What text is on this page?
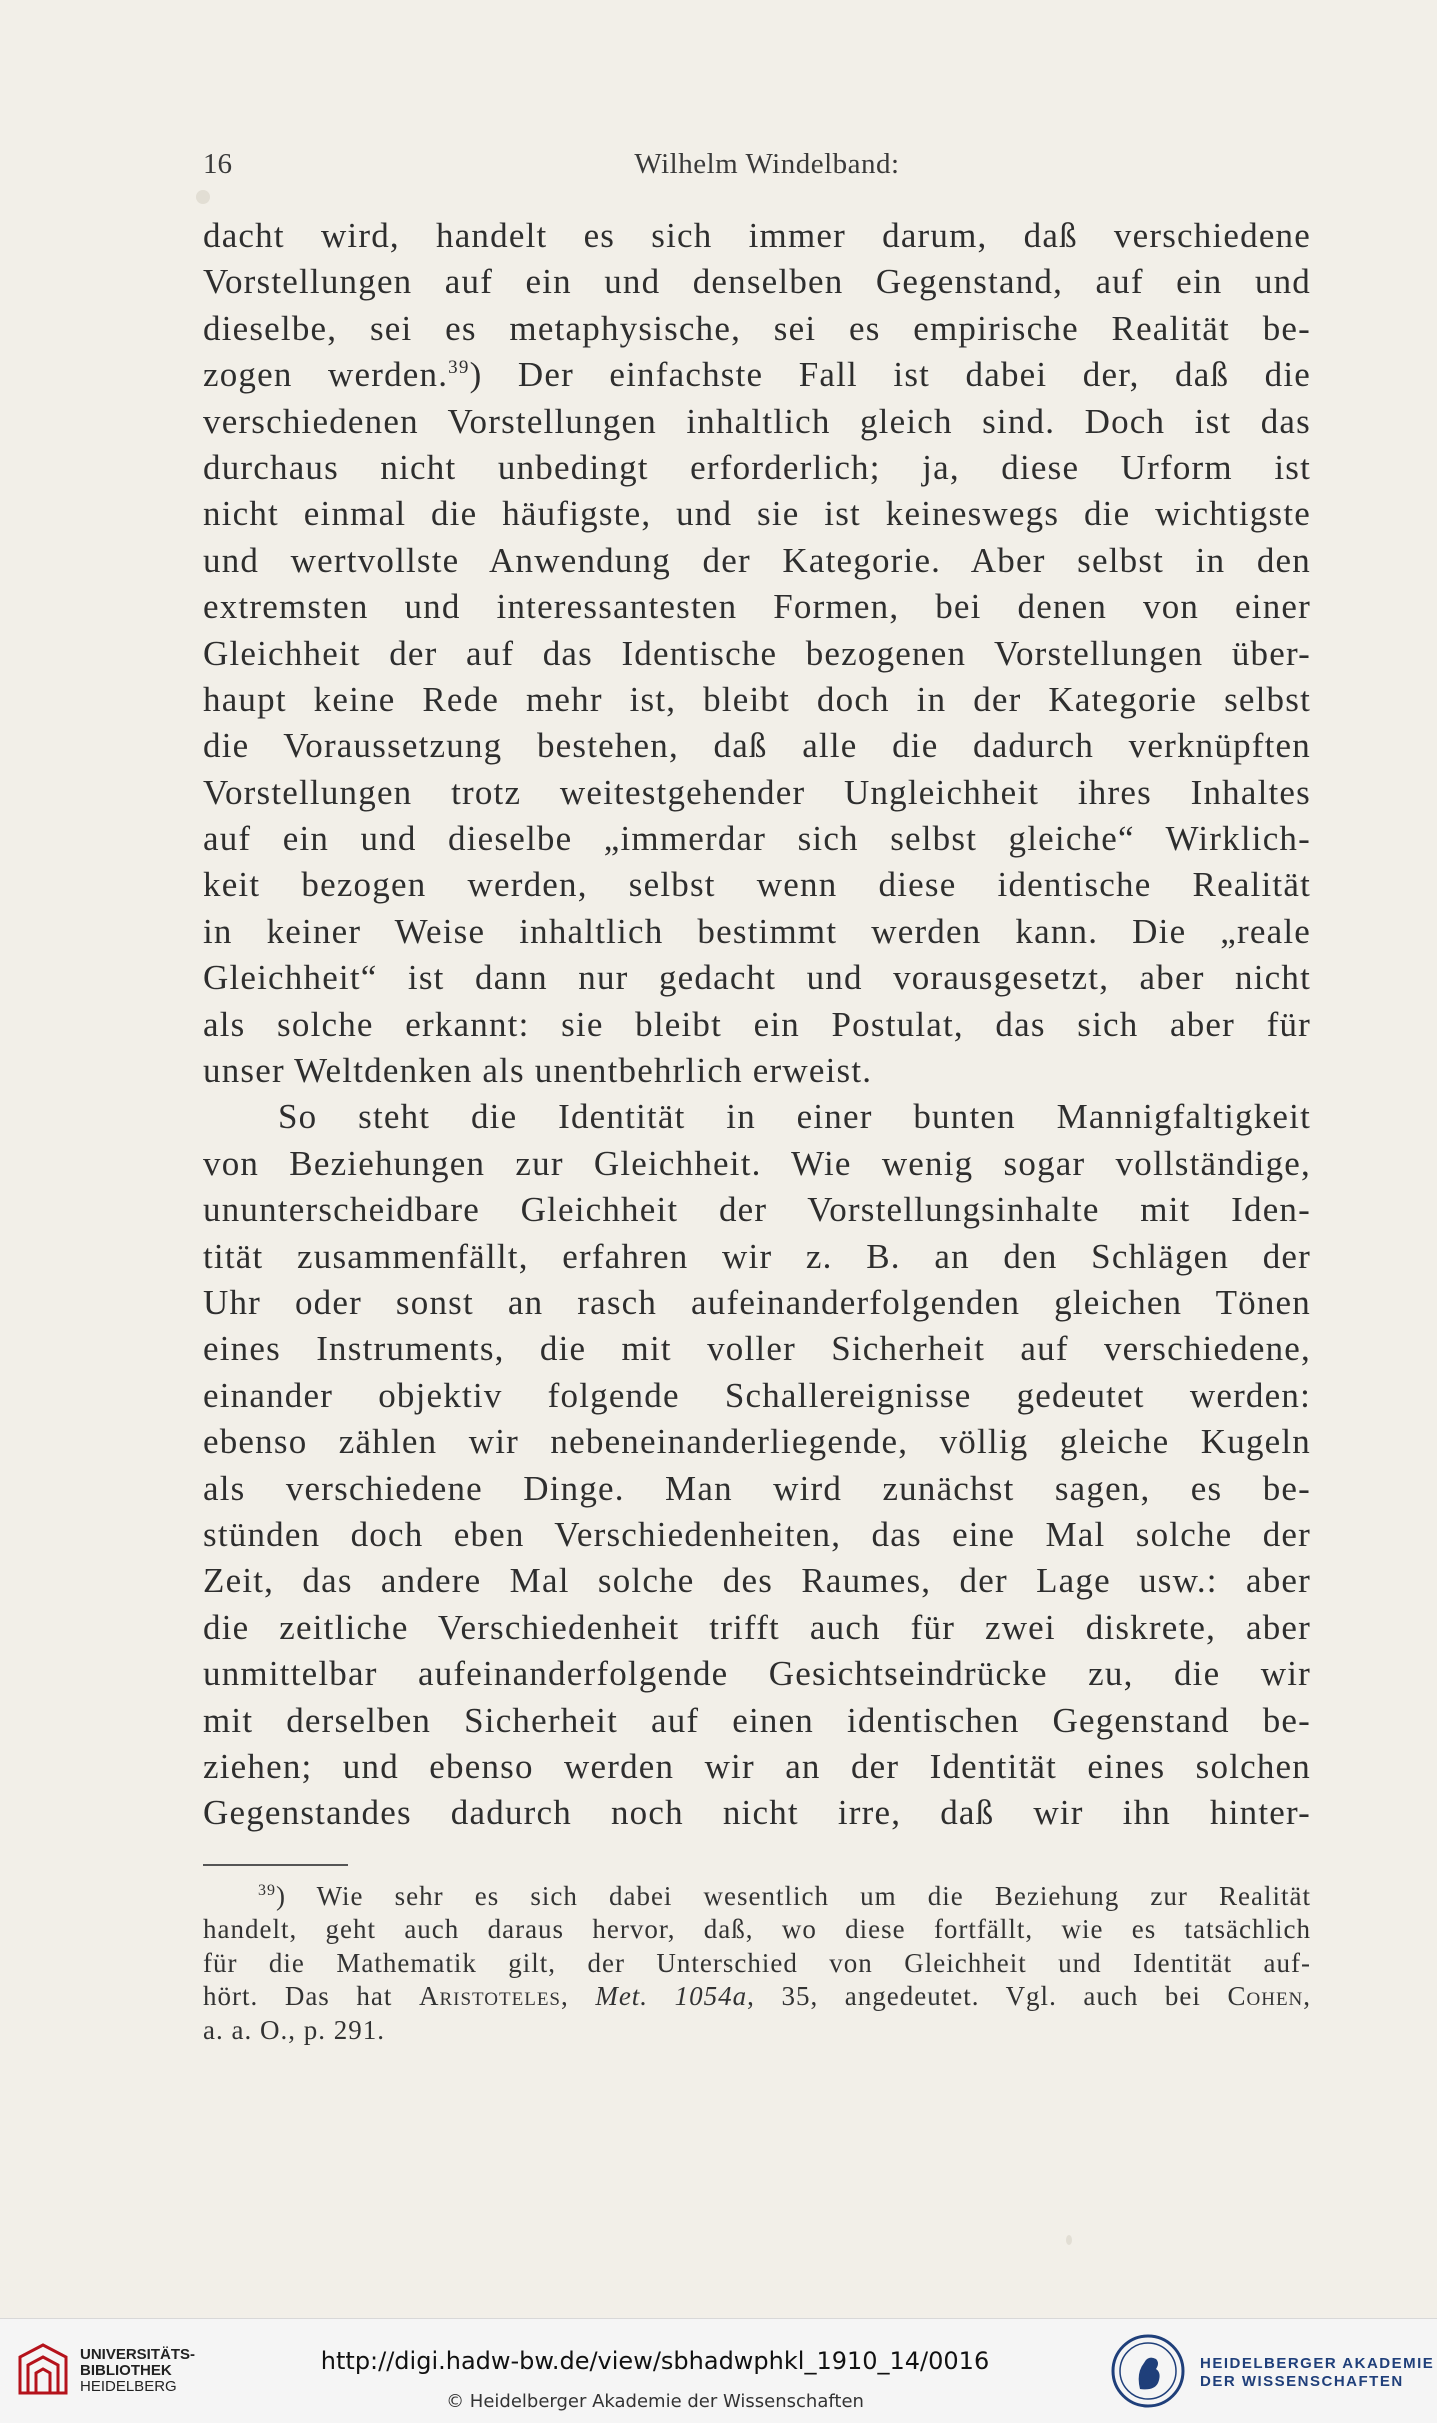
16	Wilhelm Windelband:
dacht wird, handelt es sich immer darum, daß verschiedene
Vorstellungen auf ein und denselben Gegenstand, auf ein und
dieselbe, sei es metaphysische, sei es empirische Realität be-
zogen werden.$^{39}$) Der einfachste Fall ist dabei der, daß die
verschiedenen Vorstellungen inhaltlich gleich sind. Doch ist das
durchaus nicht unbedingt erforderlich; ja, diese Urform ist
nicht einmal die häufigste, und sie ist keineswegs die wichtigste
und wertvollste Anwendung der Kategorie. Aber selbst in den
extremsten und interessantesten Formen, bei denen von einer
Gleichheit der auf das Identische bezogenen Vorstellungen über-
haupt keine Rede mehr ist, bleibt doch in der Kategorie selbst
die Voraussetzung bestehen, daß alle die dadurch verknüpften
Vorstellungen trotz weitestgehender Ungleichheit ihres Inhaltes
auf ein und dieselbe „immerdar sich selbst gleiche“ Wirklich-
keit bezogen werden, selbst wenn diese identische Realität
in keiner Weise inhaltlich bestimmt werden kann. Die „reale
Gleichheit“ ist dann nur gedacht und vorausgesetzt, aber nicht
als solche erkannt: sie bleibt ein Postulat, das sich aber für
unser Weltdenken als unentbehrlich erweist.
So steht die Identität in einer bunten Mannigfaltigkeit
von Beziehungen zur Gleichheit. Wie wenig sogar vollständige,
ununterscheidbare Gleichheit der Vorstellungsinhalte mit Iden-
tität zusammenfällt, erfahren wir z. B. an den Schlägen der
Uhr oder sonst an rasch aufeinanderfolgenden gleichen Tönen
eines Instruments, die mit voller Sicherheit auf verschiedene,
einander objektiv folgende Schallereignisse gedeutet werden:
ebenso zählen wir nebeneinanderliegende, völlig gleiche Kugeln
als verschiedene Dinge. Man wird zunächst sagen, es be-
stünden doch eben Verschiedenheiten, das eine Mal solche der
Zeit, das andere Mal solche des Raumes, der Lage usw.: aber
die zeitliche Verschiedenheit trifft auch für zwei diskrete, aber
unmittelbar aufeinanderfolgende Gesichtseindrücke zu, die wir
mit derselben Sicherheit auf einen identischen Gegenstand be-
ziehen; und ebenso werden wir an der Identität eines solchen
Gegenstandes dadurch noch nicht irre, daß wir ihn hinter-
$^{39}$) Wie sehr es sich dabei wesentlich um die Beziehung zur Realität
handelt, geht auch daraus hervor, daß, wo diese fortfällt, wie es tatsächlich
für die Mathematik gilt, der Unterschied von Gleichheit und Identität auf-
hört. Das hat Aristoteles, Met. 1054a, 35, angedeutet. Vgl. auch bei Cohen,
a. a. O., p. 291.
UNIVERSITÄTS-
BIBLIOTHEK
HEIDELBERG
http://digi.hadw-bw.de/view/sbhadwphkl_1910_14/0016
© Heidelberger Akademie der Wissenschaften
HEIDELBERGER AKADEMIE
DER WISSENSCHAFTEN
